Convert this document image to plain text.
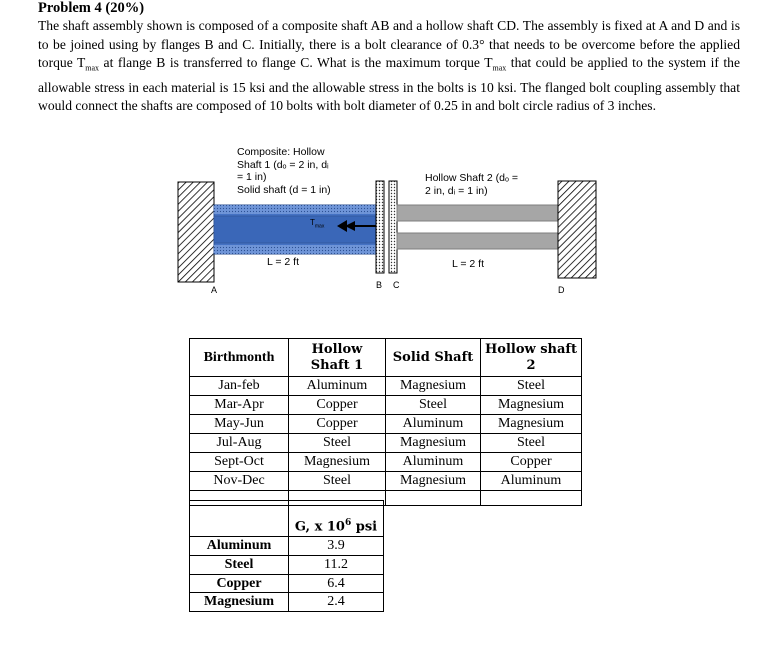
Problem 4 (20%)
The shaft assembly shown is composed of a composite shaft AB and a hollow shaft CD. The assembly is fixed at A and D and is to be joined using by flanges B and C. Initially, there is a bolt clearance of 0.3° that needs to be overcome before the applied torque $T_{max}$ at flange B is transferred to flange C. What is the maximum torque $T_{max}$ that could be applied to the system if the allowable stress in each material is 15 ksi and the allowable stress in the bolts is 10 ksi. The flanged bolt coupling assembly that would connect the shafts are composed of 10 bolts with bolt diameter of 0.25 in and bolt circle radius of 3 inches.
Composite: Hollow
Shaft 1 (dₒ = 2 in, dᵢ
= 1 in)
Solid shaft (d = 1 in)
Hollow Shaft 2 (dₒ =
2 in, dᵢ = 1 in)
$T_{max}$
L = 2 ft	L = 2 ft
A	B C	D
Birthmonth	Hollow Shaft 1	Solid Shaft	Hollow shaft 2
Jan-feb	Aluminum	Magnesium	Steel
Mar-Apr	Copper	Steel	Magnesium
May-Jun	Copper	Aluminum	Magnesium
Jul-Aug	Steel	Magnesium	Steel
Sept-Oct	Magnesium	Aluminum	Copper
Nov-Dec	Steel	Magnesium	Aluminum

	G, x $10^6$ psi
Aluminum	3.9
Steel	11.2
Copper	6.4
Magnesium	2.4
